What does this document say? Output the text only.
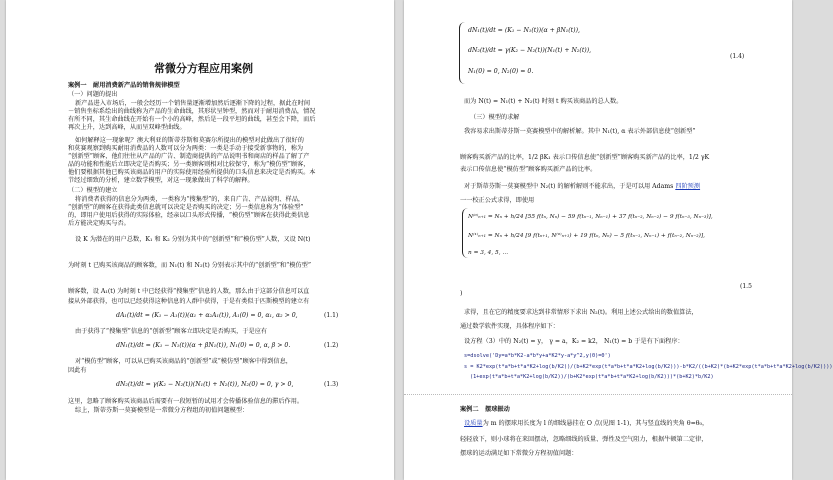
常微分方程应用案例
案例一 耐用消费新产品的销售规律模型
（一）问题的提出
新产品进入市场后，一般会经历一个销售量逐渐增加然后逐渐下降的过程，据此在时间
－销售坐标系绘出的曲线称为产品的生命曲线，其形状呈钟型，然而对于耐用消费品，情况
有所不同，其生命曲线在开始有一个小的高峰，然后是一段平坦的曲线，甚至会下降，而后
再次上升，达到高峰，从而呈双峰型曲线。
如何解释这一现象呢？澳大利亚的斯蒂芬斯和莫赛尔所提出的模型对此做出了很好的
和莫赛观察到购买耐用消费品的人数可以分为两类：一类是手动于接受新事物的，称为
“创新型”顾客，他们往往从产品的广告、制造商提供的产品说明书和商店的样品了解了产
品的功能和性能后立即决定是否购买；另一类顾客则相对比较保守，称为“模仿型”顾客，
他们要根据其他已购买该商品的用户的实际使用经验所提供的口头信息来决定是否购买。本
节经过细致的分析，建立数学模型，对这一现象做出了科学的解释。
（二）模型的建立
将消费者获得的信息分为两类，一类称为“搜集型”的，来自广告、产品说明、样品，
“创新型”的顾客在获得此类信息就可以决定是否购买的决定；另一类信息称为“体验型”
的，即用户使用后获得的实际体验，经亲以口头形式传播，“模仿型”顾客在获得此类信息
后方能决定购买与否。
设 K 为潜在的用户总数，K₁ 和 K₂ 分别为其中的“创新型”和“模仿型”人数，又设 N(t)
为时刻 t 已购买该商品的顾客数，而 N₁(t) 和 N₂(t) 分别表示其中的“创新型”和“模仿型”
顾客数，设 A₁(t) 为时刻 t 中已经获得“搜集型”信息的人数，那么由于这部分信息可以直
接从外部获得，也可以已经获得这种信息的人群中获得，于是有类似于匹斯模型的建立有
dA₁(t)/dt = (K₁ − A₁(t))(α₁ + α₂A₁(t)), A₁(0) = 0, α₁, α₂ > 0,	(1.1)
由于获得了“搜集型”信息的“创新型”顾客立即决定是否购买，于是应有
dN₁(t)/dt = (K₁ − N₁(t))(α + βN₁(t)), N₁(0) = 0, α, β > 0.	(1.2)
对“模仿型”顾客，可以从已购买该商品的“创新型”或“模仿型”顾客中得到信息，
因此有
dN₂(t)/dt = γ(K₂ − N₂(t))(N₁(t) + N₂(t)), N₂(0) = 0, γ > 0,	(1.3)
这里，忽略了顾客购买该商品后需要有一段短暂的试用才会传播体验信息的滞后作用。
综上，斯蒂芬斯一莫赛模型是一常微分方程组的初值问题模型：
dN₁(t)/dt = (K₁ − N₁(t))(α + βN₁(t)),
dN₂(t)/dt = γ(K₂ − N₂(t))(N₁(t) + N₂(t)),
N₁(0) = 0, N₂(0) = 0.
(1.4)
而为 N(t) = N₁(t) + N₂(t) 时刻 t 购买该商品的总人数。
（三）模型的求解
我容易求出斯蒂芬斯一莫赛模型中的解析解。其中 N₁(t), α 表示外部信息使“创新型”
顾客购买新产品的比率，1/2 βK₁ 表示口传信息使“创新型”顾客购买新产品的比率，1/2 γK
表示口传信息使“模仿型”顾客购买新产品的比率。
对于斯蒂芬斯一莫赛模型中 N₂(t) 的解析解则不能求出，于是可以用 Adams 四阶预测
一一校正公式求得，即使用
N⁽⁰⁾ₙ₊₁ = Nₙ + h/24 [55 f(tₙ, Nₙ) − 59 f(tₙ₋₁, Nₙ₋₁) + 37 f(tₙ₋₂, Nₙ₋₂) − 9 f(tₙ₋₃, Nₙ₋₃)],
N⁽¹⁾ₙ₊₁ = Nₙ + h/24 [9 f(tₙ₊₁, N⁽⁰⁾ₙ₊₁) + 19 f(tₙ, Nₙ) − 5 f(tₙ₋₁, Nₙ₋₁) + f(tₙ₋₂, Nₙ₋₂)],
n = 3, 4, 5, …
(1.5
)
求得，且在它的精度要求达到非常情形下求出 N₂(t)。利用上述公式给出的数值算法，
通过数学软件实现，具体程序如下：
设方程（3）中的 N₂(t) = y， γ = a，K₂ = k2， N₁(t) = b 于是有下面程序：
s=dsolve('Dy=a*b*K2-a*b*y+a*K2*y-a*y^2,y(0)=0')
s = K2*exp(t*a*b+t*a*K2+log(b/K2))/(b+K2*exp(t*a*b+t*a*K2+log(b/K2)))-b*K2/((b+K2)*(b+K2*exp(t*a*b+t*a*K2+log(b/K2))))
(1+exp(t*a*b+t*a*K2+log(b/K2))/(b+K2*exp(t*a*b+t*a*K2+log(b/K2)))*(b+K2)*b/K2)
案例二 摆球振动
设质量为 m 的摆球用长度为 l 的细线悬挂在 O 点(见图 1-1)，其与竖直线的夹角 θ=θ₀，
轻轻放下，则小球将在来回摆动，忽略细线的质量、弹性及空气阻力，根据牛顿第二定律，
摆球的运动满足如下常微分方程初值问题：
